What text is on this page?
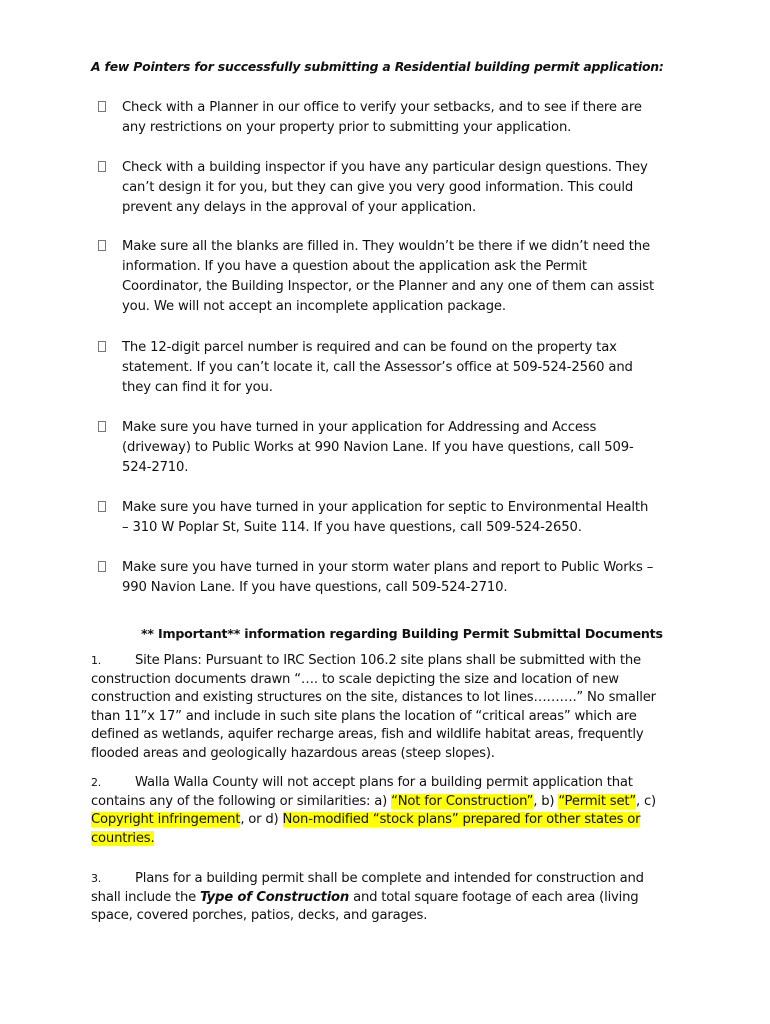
A few Pointers for successfully submitting a Residential building permit application:
Check with a Planner in our office to verify your setbacks, and to see if there are any restrictions on your property prior to submitting your application.
Check with a building inspector if you have any particular design questions. They can’t design it for you, but they can give you very good information. This could prevent any delays in the approval of your application.
Make sure all the blanks are filled in. They wouldn’t be there if we didn’t need the information. If you have a question about the application ask the Permit Coordinator, the Building Inspector, or the Planner and any one of them can assist you. We will not accept an incomplete application package.
The 12-digit parcel number is required and can be found on the property tax statement. If you can’t locate it, call the Assessor’s office at 509-524-2560 and they can find it for you.
Make sure you have turned in your application for Addressing and Access (driveway) to Public Works at 990 Navion Lane. If you have questions, call 509-524-2710.
Make sure you have turned in your application for septic to Environmental Health – 310 W Poplar St, Suite 114. If you have questions, call 509-524-2650.
Make sure you have turned in your storm water plans and report to Public Works – 990 Navion Lane. If you have questions, call 509-524-2710.
** Important** information regarding Building Permit Submittal Documents
1.	Site Plans: Pursuant to IRC Section 106.2 site plans shall be submitted with the construction documents drawn “…. to scale depicting the size and location of new construction and existing structures on the site, distances to lot lines……….” No smaller than 11”x 17” and include in such site plans the location of “critical areas” which are defined as wetlands, aquifer recharge areas, fish and wildlife habitat areas, frequently flooded areas and geologically hazardous areas (steep slopes).
2.	Walla Walla County will not accept plans for a building permit application that contains any of the following or similarities: a) “Not for Construction”, b) “Permit set”, c) Copyright infringement, or d) Non-modified “stock plans” prepared for other states or countries.
3.	Plans for a building permit shall be complete and intended for construction and shall include the Type of Construction and total square footage of each area (living space, covered porches, patios, decks, and garages.
